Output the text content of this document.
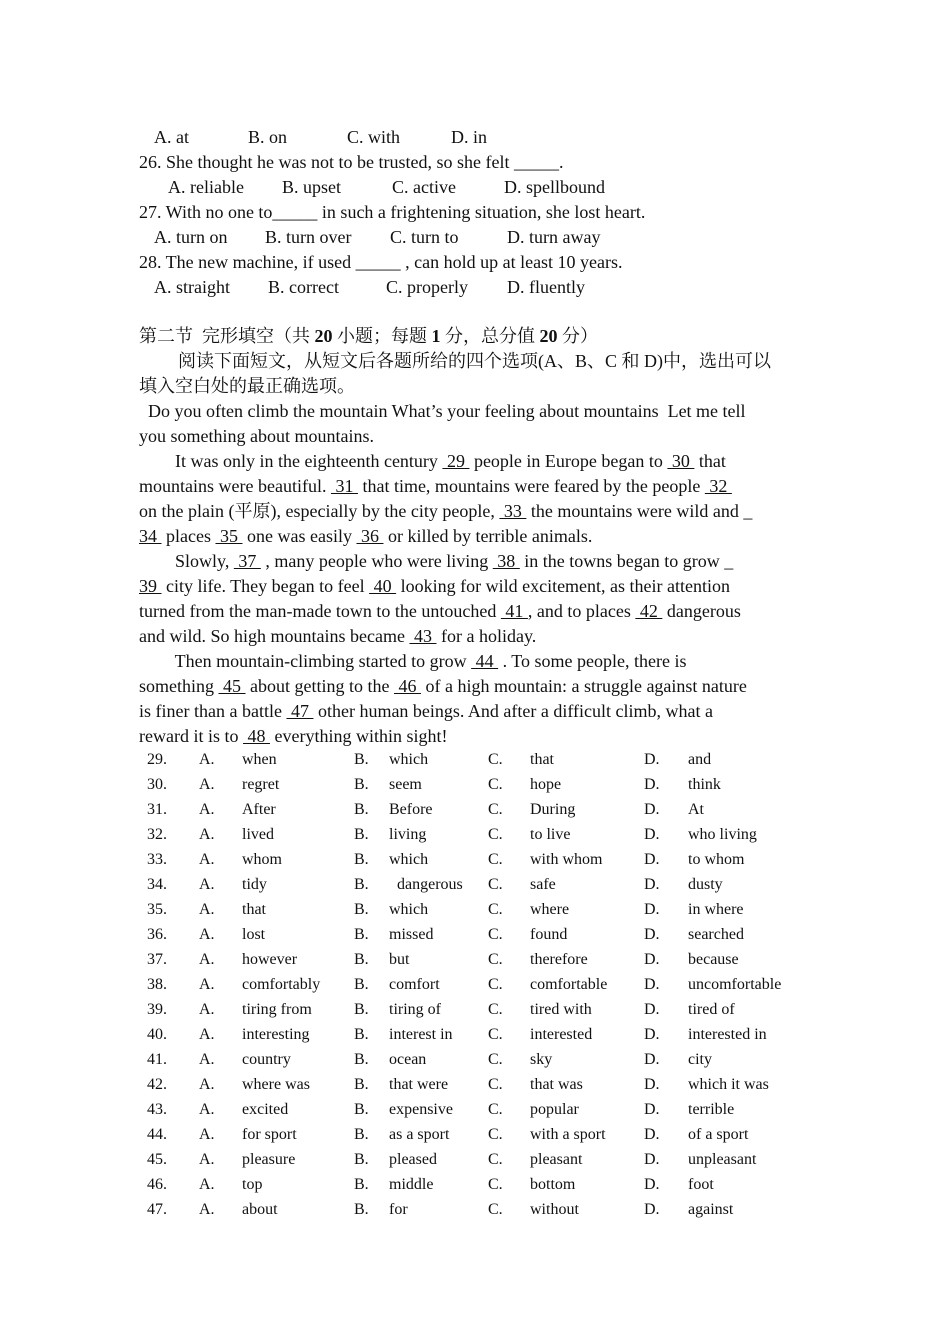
A. at	B. on	C. with	D. in
26. She thought he was not to be trusted, so she felt _____.
A. reliable B. upset	C. active	D. spellbound
27. With no one to_____ in such a frightening situation, she lost heart.
A. turn on B. turn over C. turn to	D. turn away
28. The new machine, if used _____ , can hold up at least 10 years.
A. straight B. correct	C. properly D. fluently
第二节  完形填空（共 20 小题；每题 1 分，总分值 20 分）
阅读下面短文，从短文后各题所给的四个选项(A、B、C 和 D)中，选出可以
填入空白处的最正确选项。
Do you often climb the mountain What’s your feeling about mountains  Let me tell
you something about mountains.
It was only in the eighteenth century  29  people in Europe began to  30  that
mountains were beautiful.  31  that time, mountains were feared by the people  32
on the plain (平原), especially by the city people,  33  the mountains were wild and _
34  places  35  one was easily  36  or killed by terrible animals.
Slowly,  37  , many people who were living  38  in the towns began to grow _
39  city life. They began to feel  40  looking for wild excitement, as their attention
turned from the man-made town to the untouched  41 , and to places  42  dangerous
and wild. So high mountains became  43  for a holiday.
Then mountain-climbing started to grow  44  . To some people, there is
something  45  about getting to the  46  of a high mountain: a struggle against nature
is finer than a battle  47  other human beings. And after a difficult climb, what a
reward it is to  48  everything within sight!
29. A. when	B. which	C. that	D. and
30. A. regret	B. seem	C. hope	D. think
31. A. After	B. Before	C. During	D. At
32. A. lived	B. living	C. to live	D. who living
33. A. whom	B. which	C. with whom	D. to whom
34. A. tidy	B. dangerous C. safe	D. dusty
35. A. that	B. which	C. where	D. in where
36. A. lost	B. missed	C. found	D. searched
37. A. however	B. but	C. therefore	D. because
38. A. comfortably B. comfort	C. comfortable D. uncomfortable
39. A. tiring from	B. tiring of	C. tired with	D. tired of
40. A. interesting	B. interest in C. interested	D. interested in
41. A. country	B. ocean	C. sky	D. city
42. A. where was	B. that were C. that was	D. which it was
43. A. excited	B. expensive C. popular	D. terrible
44. A. for sport	B. as a sport C. with a sport D. of a sport
45. A. pleasure	B. pleased	C. pleasant	D. unpleasant
46. A. top	B. middle	C. bottom	D. foot
47. A. about	B. for	C. without	D. against
